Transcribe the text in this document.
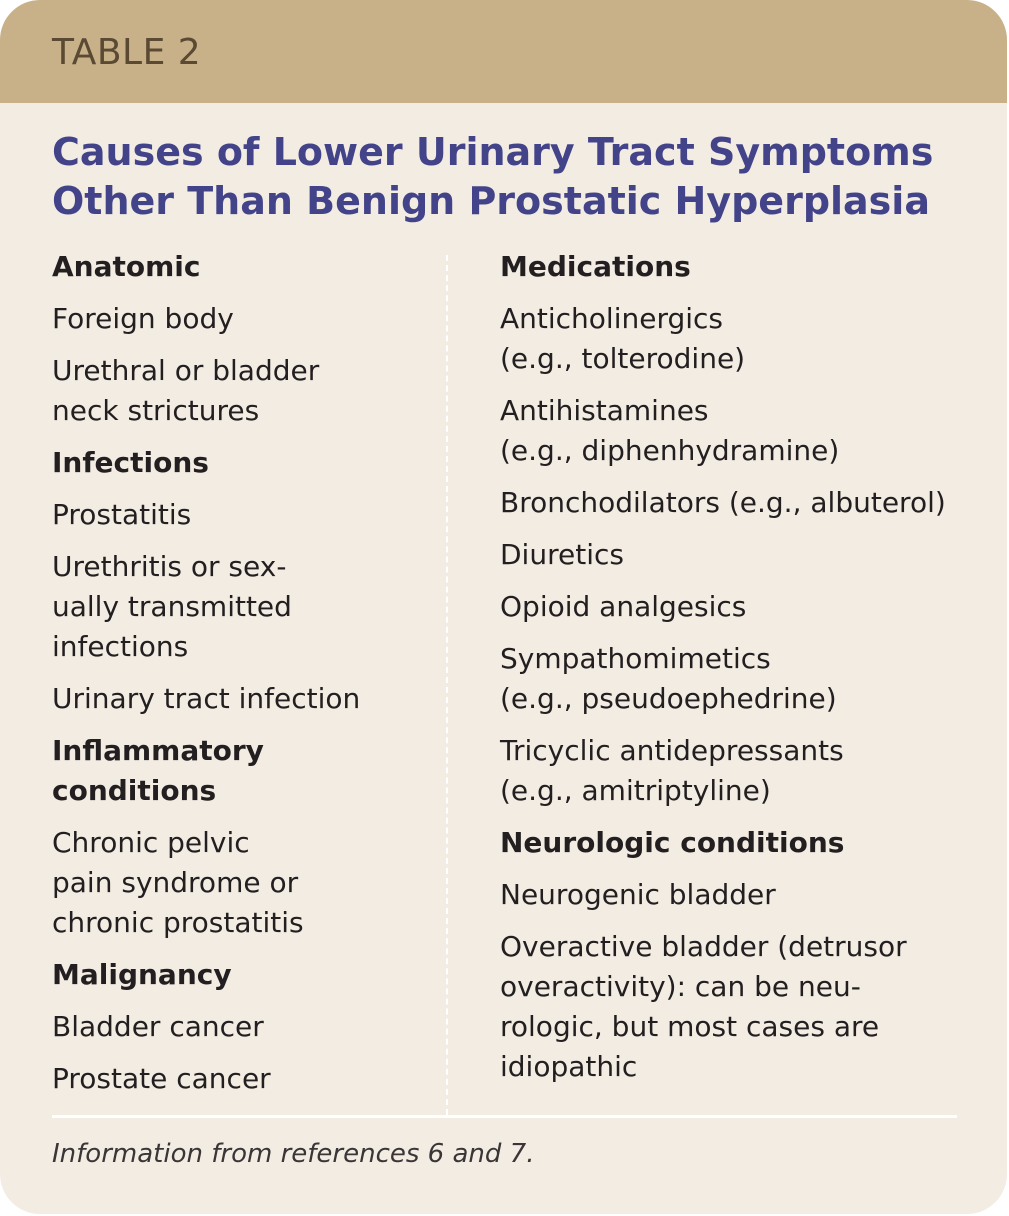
TABLE 2
Causes of Lower Urinary Tract Symptoms
Other Than Benign Prostatic Hyperplasia
Anatomic
Foreign body
Urethral or bladder
neck strictures
Infections
Prostatitis
Urethritis or sex-
ually transmitted
infections
Urinary tract infection
Inflammatory
conditions
Chronic pelvic
pain syndrome or
chronic prostatitis
Malignancy
Bladder cancer
Prostate cancer
Medications
Anticholinergics
(e.g., tolterodine)
Antihistamines
(e.g., diphenhydramine)
Bronchodilators (e.g., albuterol)
Diuretics
Opioid analgesics
Sympathomimetics
(e.g., pseudoephedrine)
Tricyclic antidepressants
(e.g., amitriptyline)
Neurologic conditions
Neurogenic bladder
Overactive bladder (detrusor
overactivity): can be neu-
rologic, but most cases are
idiopathic
Information from references 6 and 7.
